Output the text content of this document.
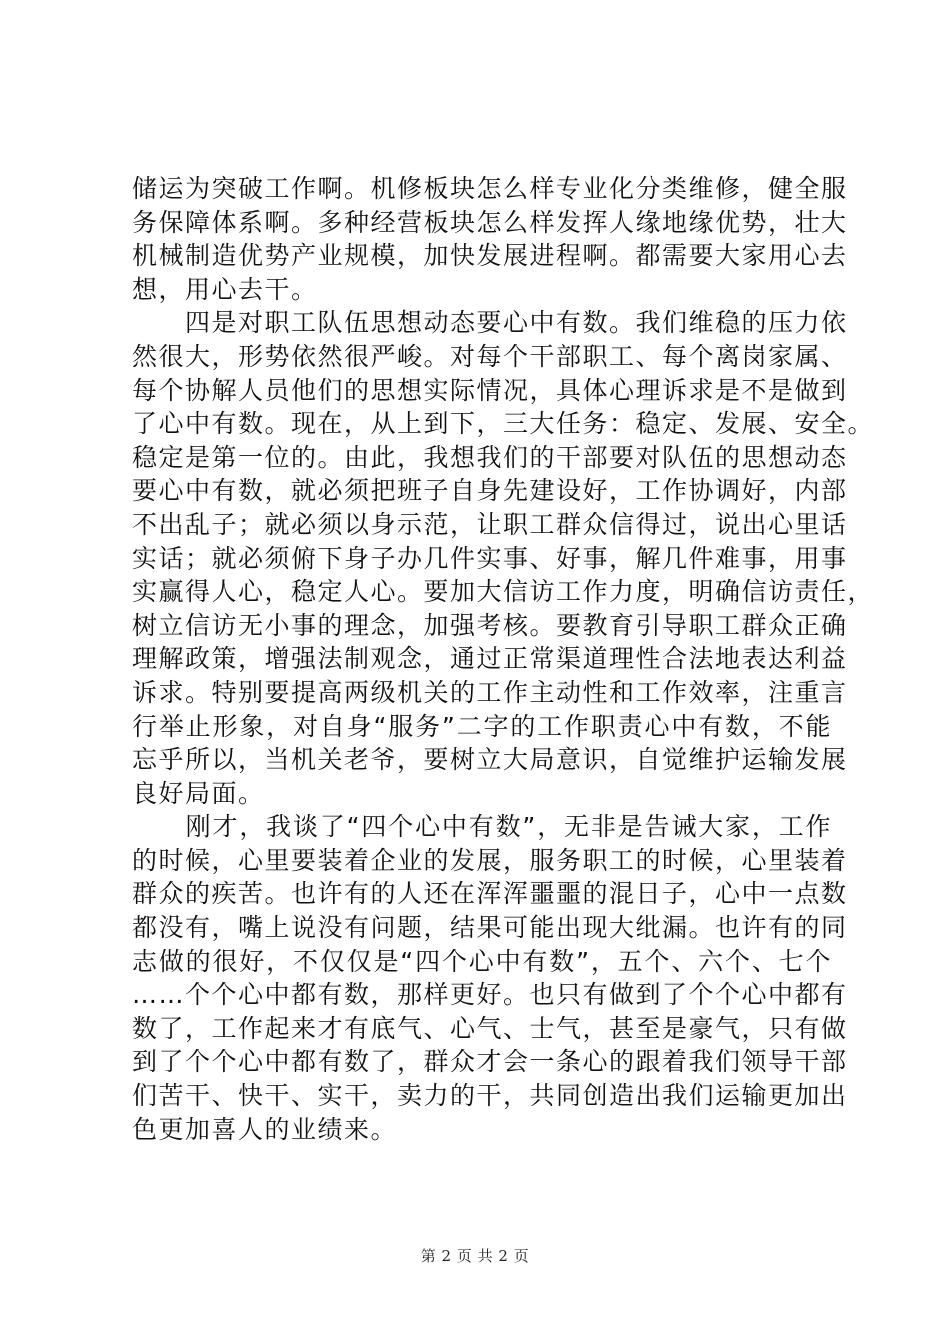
储运为突破工作啊。机修板块怎么样专业化分类维修，健全服
务保障体系啊。多种经营板块怎么样发挥人缘地缘优势，壮大
机械制造优势产业规模，加快发展进程啊。都需要大家用心去
想，用心去干。
　　四是对职工队伍思想动态要心中有数。我们维稳的压力依
然很大，形势依然很严峻。对每个干部职工、每个离岗家属、
每个协解人员他们的思想实际情况，具体心理诉求是不是做到
了心中有数。现在，从上到下，三大任务：稳定、发展、安全。
稳定是第一位的。由此，我想我们的干部要对队伍的思想动态
要心中有数，就必须把班子自身先建设好，工作协调好，内部
不出乱子；就必须以身示范，让职工群众信得过，说出心里话
实话；就必须俯下身子办几件实事、好事，解几件难事，用事
实赢得人心，稳定人心。要加大信访工作力度，明确信访责任，
树立信访无小事的理念，加强考核。要教育引导职工群众正确
理解政策，增强法制观念，通过正常渠道理性合法地表达利益
诉求。特别要提高两级机关的工作主动性和工作效率，注重言
行举止形象，对自身“服务”二字的工作职责心中有数，不能
忘乎所以，当机关老爷，要树立大局意识，自觉维护运输发展
良好局面。
　　刚才，我谈了“四个心中有数”，无非是告诫大家，工作
的时候，心里要装着企业的发展，服务职工的时候，心里装着
群众的疾苦。也许有的人还在浑浑噩噩的混日子，心中一点数
都没有，嘴上说没有问题，结果可能出现大纰漏。也许有的同
志做的很好，不仅仅是“四个心中有数”，五个、六个、七个
……个个心中都有数，那样更好。也只有做到了个个心中都有
数了，工作起来才有底气、心气、士气，甚至是豪气，只有做
到了个个心中都有数了，群众才会一条心的跟着我们领导干部
们苦干、快干、实干，卖力的干，共同创造出我们运输更加出
色更加喜人的业绩来。
第 2 页 共 2 页
